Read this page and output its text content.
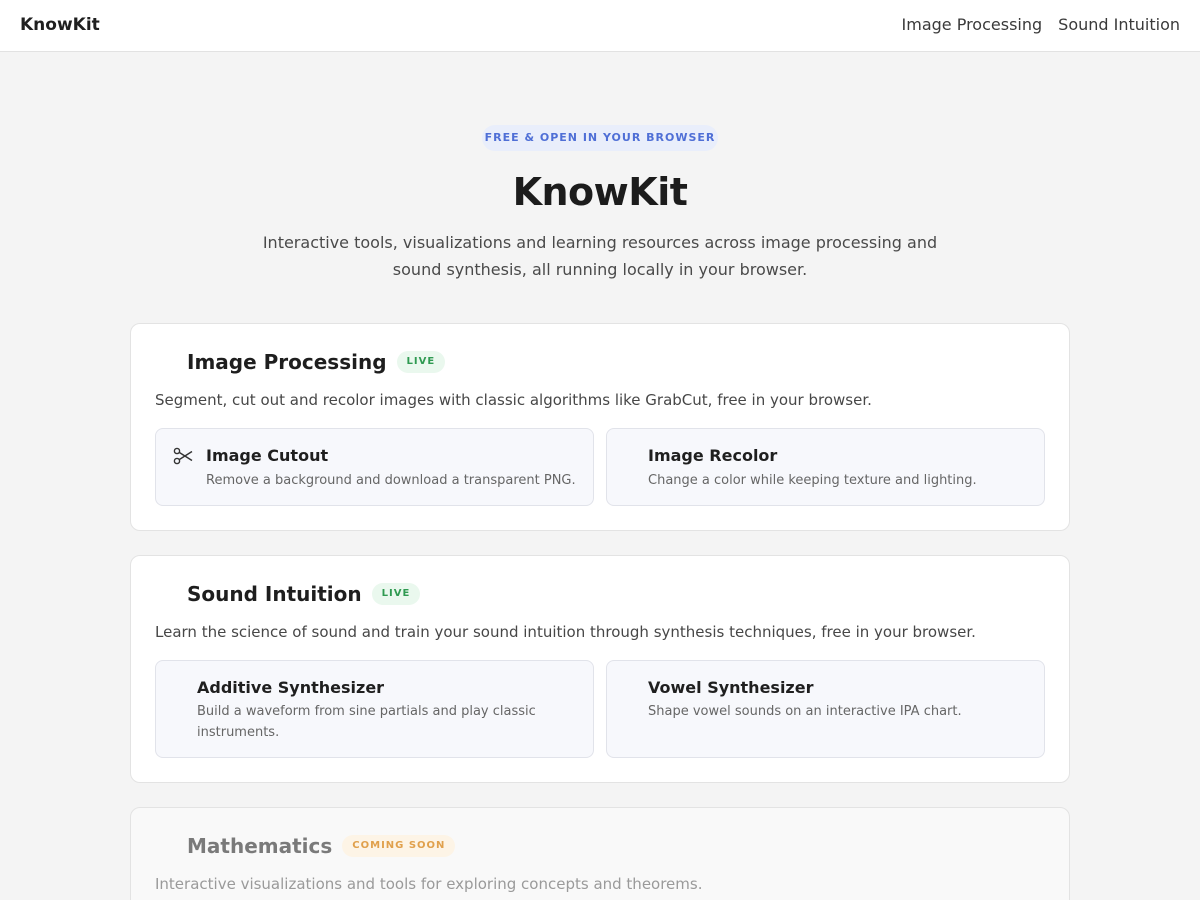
KnowKit	Image Processing Sound Intuition
FREE & OPEN IN YOUR BROWSER
KnowKit

Interactive tools, visualizations and learning resources across image processing and sound synthesis, all running locally in your browser.

Image Processing	LIVE

Segment, cut out and recolor images with classic algorithms like GrabCut, free in your browser.

Image Cutout
Remove a background and download a transparent PNG.
Image Recolor
Change a color while keeping texture and lighting.
Sound Intuition	LIVE

Learn the science of sound and train your sound intuition through synthesis techniques, free in your browser.

Additive Synthesizer
Build a waveform from sine partials and play classic instruments.
Vowel Synthesizer
Shape vowel sounds on an interactive IPA chart.
Mathematics	COMING SOON

Interactive visualizations and tools for exploring concepts and theorems.
